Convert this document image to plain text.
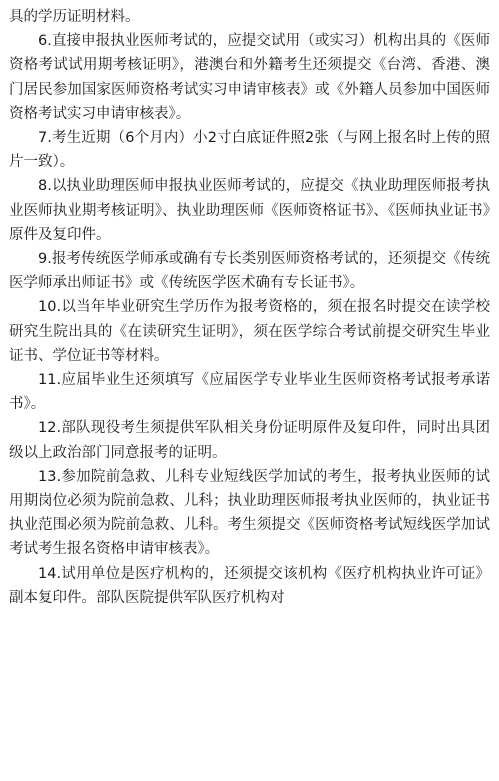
具的学历证明材料。

6.直接申报执业医师考试的，应提交试用（或实习）机构出具的《医师资格考试试用期考核证明》，港澳台和外籍考生还须提交《台湾、香港、澳门居民参加国家医师资格考试实习申请审核表》或《外籍人员参加中国医师资格考试实习申请审核表》。

7.考生近期（6个月内）小2寸白底证件照2张（与网上报名时上传的照片一致）。

8.以执业助理医师申报执业医师考试的，应提交《执业助理医师报考执业医师执业期考核证明》、执业助理医师《医师资格证书》、《医师执业证书》原件及复印件。

9.报考传统医学师承或确有专长类别医师资格考试的，还须提交《传统医学师承出师证书》或《传统医学医术确有专长证书》。

10.以当年毕业研究生学历作为报考资格的，须在报名时提交在读学校研究生院出具的《在读研究生证明》，须在医学综合考试前提交研究生毕业证书、学位证书等材料。

11.应届毕业生还须填写《应届医学专业毕业生医师资格考试报考承诺书》。

12.部队现役考生须提供军队相关身份证明原件及复印件，同时出具团级以上政治部门同意报考的证明。

13.参加院前急救、儿科专业短线医学加试的考生，报考执业医师的试用期岗位必须为院前急救、儿科；执业助理医师报考执业医师的，执业证书执业范围必须为院前急救、儿科。考生须提交《医师资格考试短线医学加试考试考生报名资格申请审核表》。

14.试用单位是医疗机构的，还须提交该机构《医疗机构执业许可证》副本复印件。部队医院提供军队医疗机构对
